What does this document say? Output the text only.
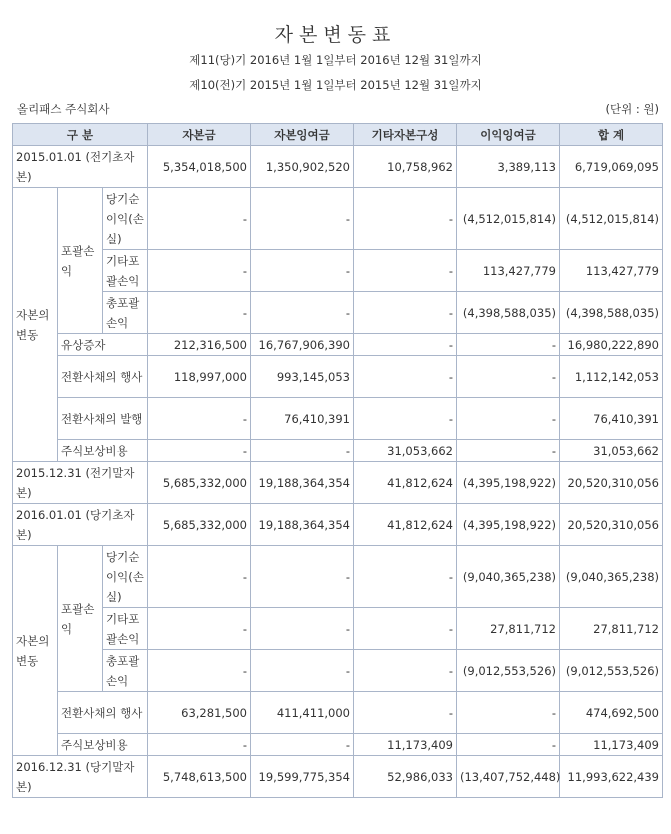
자본변동표
제11(당)기 2016년 1월 1일부터 2016년 12월 31일까지
제10(전)기 2015년 1월 1일부터 2015년 12월 31일까지
올리패스 주식회사	(단위 : 원)
구 분			자본금	자본잉여금	기타자본구성	이익잉여금	합 계
2015.01.01 (전기초자본)			5,354,018,500	1,350,902,520	10,758,962	3,389,113	6,719,069,095
자본의 변동	포괄손익	당기순이익(손실)	-	-	-	(4,512,015,814)	(4,512,015,814)
		기타포괄손익	-	-	-	113,427,779	113,427,779
		총포괄손익	-	-	-	(4,398,588,035)	(4,398,588,035)
	유상증자		212,316,500	16,767,906,390	-	-	16,980,222,890
	전환사채의 행사		118,997,000	993,145,053	-	-	1,112,142,053
	전환사채의 발행		-	76,410,391	-	-	76,410,391
	주식보상비용		-	-	31,053,662	-	31,053,662
2015.12.31 (전기말자본)			5,685,332,000	19,188,364,354	41,812,624	(4,395,198,922)	20,520,310,056
2016.01.01 (당기초자본)			5,685,332,000	19,188,364,354	41,812,624	(4,395,198,922)	20,520,310,056
자본의 변동	포괄손익	당기순이익(손실)	-	-	-	(9,040,365,238)	(9,040,365,238)
		기타포괄손익	-	-	-	27,811,712	27,811,712
		총포괄손익	-	-	-	(9,012,553,526)	(9,012,553,526)
	전환사채의 행사		63,281,500	411,411,000	-	-	474,692,500
	주식보상비용		-	-	11,173,409	-	11,173,409
2016.12.31 (당기말자본)			5,748,613,500	19,599,775,354	52,986,033	(13,407,752,448)	11,993,622,439
